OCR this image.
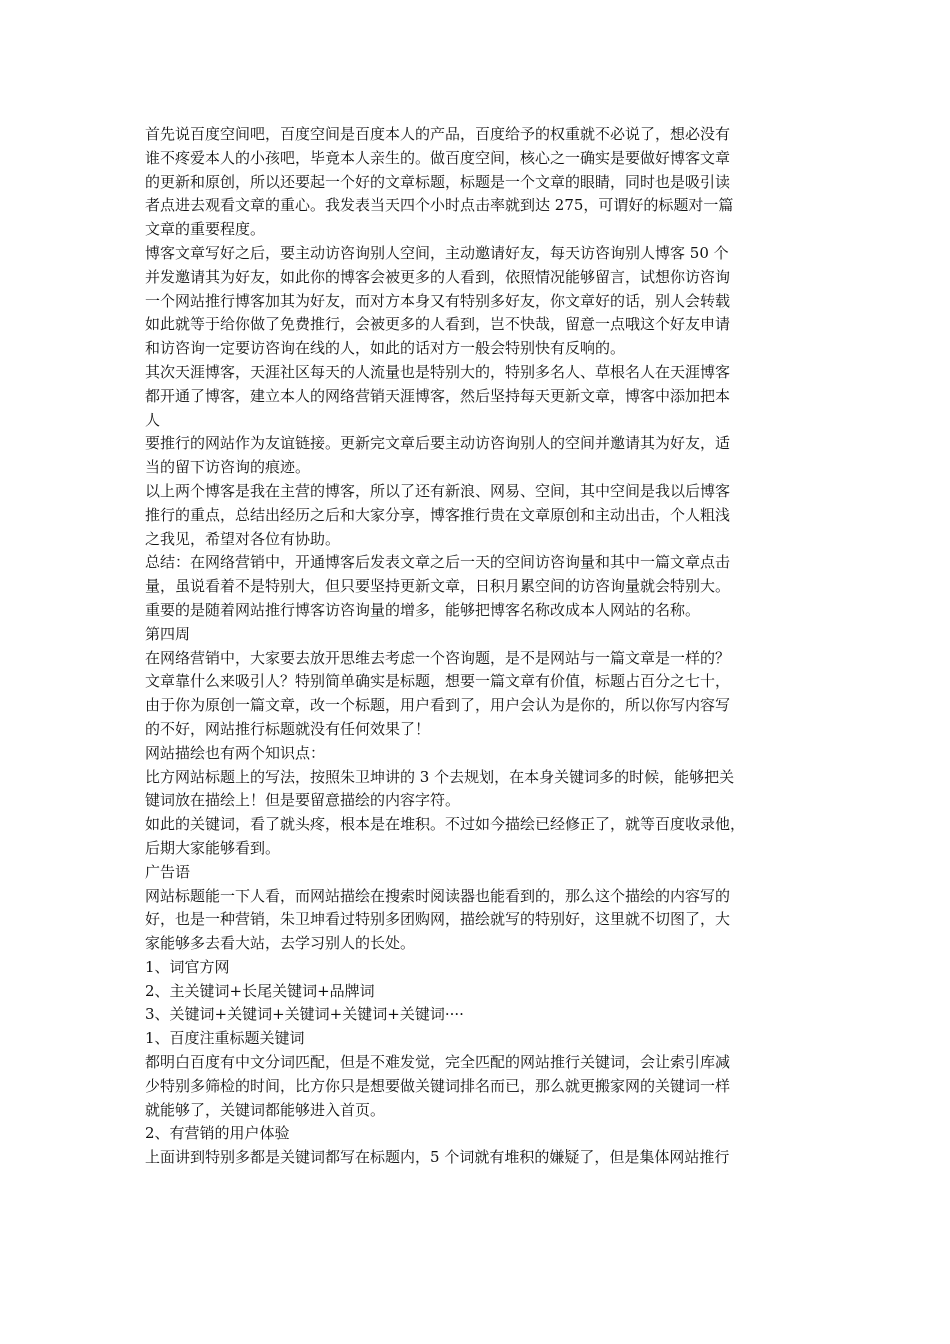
首先说百度空间吧，百度空间是百度本人的产品，百度给予的权重就不必说了，想必没有
谁不疼爱本人的小孩吧，毕竟本人亲生的。做百度空间，核心之一确实是要做好博客文章
的更新和原创，所以还要起一个好的文章标题，标题是一个文章的眼睛，同时也是吸引读
者点进去观看文章的重心。我发表当天四个小时点击率就到达 275，可谓好的标题对一篇
文章的重要程度。
博客文章写好之后，要主动访咨询别人空间，主动邀请好友，每天访咨询别人博客 50 个
并发邀请其为好友，如此你的博客会被更多的人看到，依照情况能够留言，试想你访咨询
一个网站推行博客加其为好友，而对方本身又有特别多好友，你文章好的话，别人会转载
如此就等于给你做了免费推行，会被更多的人看到，岂不快哉，留意一点哦这个好友申请
和访咨询一定要访咨询在线的人，如此的话对方一般会特别快有反响的。
其次天涯博客，天涯社区每天的人流量也是特别大的，特别多名人、草根名人在天涯博客
都开通了博客，建立本人的网络营销天涯博客，然后坚持每天更新文章，博客中添加把本
人
要推行的网站作为友谊链接。更新完文章后要主动访咨询别人的空间并邀请其为好友，适
当的留下访咨询的痕迹。
以上两个博客是我在主营的博客，所以了还有新浪、网易、空间，其中空间是我以后博客
推行的重点，总结出经历之后和大家分享，博客推行贵在文章原创和主动出击，个人粗浅
之我见，希望对各位有协助。
总结：在网络营销中，开通博客后发表文章之后一天的空间访咨询量和其中一篇文章点击
量，虽说看着不是特别大，但只要坚持更新文章，日积月累空间的访咨询量就会特别大。
重要的是随着网站推行博客访咨询量的增多，能够把博客名称改成本人网站的名称。
第四周
在网络营销中，大家要去放开思维去考虑一个咨询题，是不是网站与一篇文章是一样的？
文章靠什么来吸引人？特别简单确实是标题，想要一篇文章有价值，标题占百分之七十，
由于你为原创一篇文章，改一个标题，用户看到了，用户会认为是你的，所以你写内容写
的不好，网站推行标题就没有任何效果了！
网站描绘也有两个知识点：
比方网站标题上的写法，按照朱卫坤讲的 3 个去规划，在本身关键词多的时候，能够把关
键词放在描绘上！但是要留意描绘的内容字符。
如此的关键词，看了就头疼，根本是在堆积。不过如今描绘已经修正了，就等百度收录他，
后期大家能够看到。
广告语
网站标题能一下人看，而网站描绘在搜索时阅读器也能看到的，那么这个描绘的内容写的
好，也是一种营销，朱卫坤看过特别多团购网，描绘就写的特别好，这里就不切图了，大
家能够多去看大站，去学习别人的长处。
1、词官方网
2、主关键词+长尾关键词+品牌词
3、关键词+关键词+关键词+关键词+关键词····
1、百度注重标题关键词
都明白百度有中文分词匹配，但是不难发觉，完全匹配的网站推行关键词，会让索引库减
少特别多筛检的时间，比方你只是想要做关键词排名而已，那么就更搬家网的关键词一样
就能够了，关键词都能够进入首页。
2、有营销的用户体验
上面讲到特别多都是关键词都写在标题内，5 个词就有堆积的嫌疑了，但是集体网站推行
